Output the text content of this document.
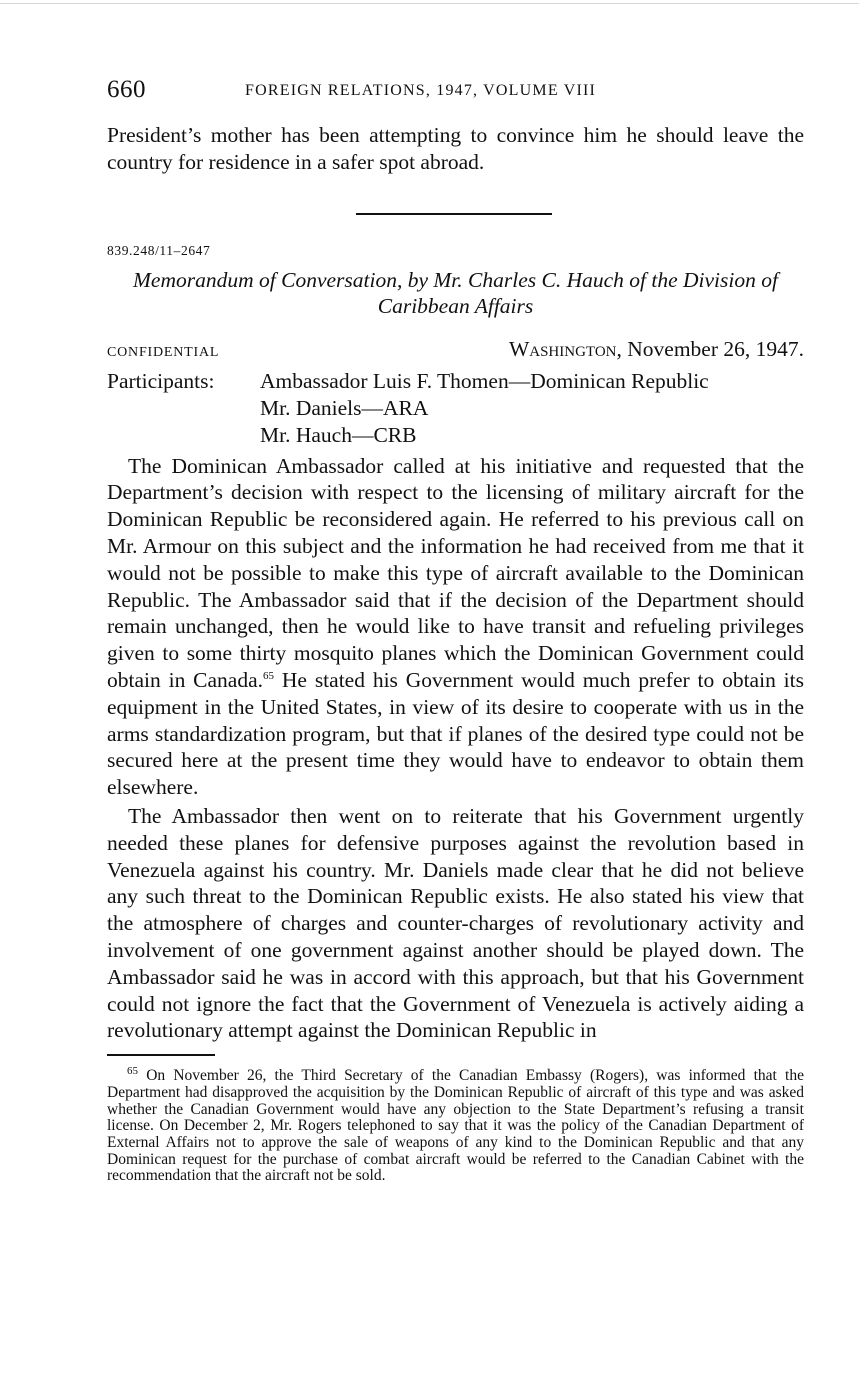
660	FOREIGN RELATIONS, 1947, VOLUME VIII

President’s mother has been attempting to convince him he should leave the country for residence in a safer spot abroad.

839.248/11–2647
Memorandum of Conversation, by Mr. Charles C. Hauch of the Division of Caribbean Affairs
CONFIDENTIAL	Washington, November 26, 1947.
Participants:	Ambassador Luis F. Thomen—Dominican Republic
Mr. Daniels—ARA
Mr. Hauch—CRB

The Dominican Ambassador called at his initiative and requested that the Department’s decision with respect to the licensing of military aircraft for the Dominican Republic be reconsidered again. He referred to his previous call on Mr. Armour on this subject and the information he had received from me that it would not be possible to make this type of aircraft available to the Dominican Republic. The Ambassador said that if the decision of the Department should remain unchanged, then he would like to have transit and refueling privileges given to some thirty mosquito planes which the Dominican Government could obtain in Canada.$^{65}$ He stated his Government would much prefer to obtain its equipment in the United States, in view of its desire to cooperate with us in the arms standardization program, but that if planes of the desired type could not be secured here at the present time they would have to endeavor to obtain them elsewhere.

The Ambassador then went on to reiterate that his Government urgently needed these planes for defensive purposes against the revolution based in Venezuela against his country. Mr. Daniels made clear that he did not believe any such threat to the Dominican Republic exists. He also stated his view that the atmosphere of charges and counter-charges of revolutionary activity and involvement of one government against another should be played down. The Ambassador said he was in accord with this approach, but that his Government could not ignore the fact that the Government of Venezuela is actively aiding a revolutionary attempt against the Dominican Republic in

$^{65}$ On November 26, the Third Secretary of the Canadian Embassy (Rogers), was informed that the Department had disapproved the acquisition by the Dominican Republic of aircraft of this type and was asked whether the Canadian Government would have any objection to the State Department’s refusing a transit license. On December 2, Mr. Rogers telephoned to say that it was the policy of the Canadian Department of External Affairs not to approve the sale of weapons of any kind to the Dominican Republic and that any Dominican request for the purchase of combat aircraft would be referred to the Canadian Cabinet with the recommendation that the aircraft not be sold.
